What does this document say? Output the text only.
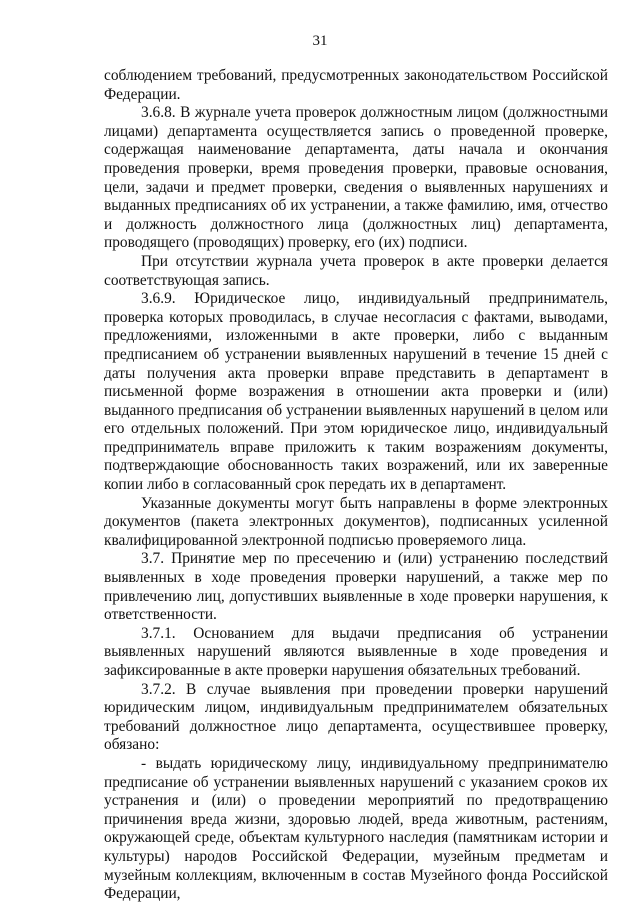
31

соблюдением требований, предусмотренных законодательством Российской Федерации.

3.6.8. В журнале учета проверок должностным лицом (должностными лицами) департамента осуществляется запись о проведенной проверке, содержащая наименование департамента, даты начала и окончания проведения проверки, время проведения проверки, правовые основания, цели, задачи и предмет проверки, сведения о выявленных нарушениях и выданных предписаниях об их устранении, а также фамилию, имя, отчество и должность должностного лица (должностных лиц) департамента, проводящего (проводящих) проверку, его (их) подписи.

При отсутствии журнала учета проверок в акте проверки делается соответствующая запись.

3.6.9. Юридическое лицо, индивидуальный предприниматель, проверка которых проводилась, в случае несогласия с фактами, выводами, предложениями, изложенными в акте проверки, либо с выданным предписанием об устранении выявленных нарушений в течение 15 дней с даты получения акта проверки вправе представить в департамент в письменной форме возражения в отношении акта проверки и (или) выданного предписания об устранении выявленных нарушений в целом или его отдельных положений. При этом юридическое лицо, индивидуальный предприниматель вправе приложить к таким возражениям документы, подтверждающие обоснованность таких возражений, или их заверенные копии либо в согласованный срок передать их в департамент.

Указанные документы могут быть направлены в форме электронных документов (пакета электронных документов), подписанных усиленной квалифицированной электронной подписью проверяемого лица.

3.7. Принятие мер по пресечению и (или) устранению последствий выявленных в ходе проведения проверки нарушений, а также мер по привлечению лиц, допустивших выявленные в ходе проверки нарушения, к ответственности.

3.7.1. Основанием для выдачи предписания об устранении выявленных нарушений являются выявленные в ходе проведения и зафиксированные в акте проверки нарушения обязательных требований.

3.7.2. В случае выявления при проведении проверки нарушений юридическим лицом, индивидуальным предпринимателем обязательных требований должностное лицо департамента, осуществившее проверку, обязано:

- выдать юридическому лицу, индивидуальному предпринимателю предписание об устранении выявленных нарушений с указанием сроков их устранения и (или) о проведении мероприятий по предотвращению причинения вреда жизни, здоровью людей, вреда животным, растениям, окружающей среде, объектам культурного наследия (памятникам истории и культуры) народов Российской Федерации, музейным предметам и музейным коллекциям, включенным в состав Музейного фонда Российской Федерации,
